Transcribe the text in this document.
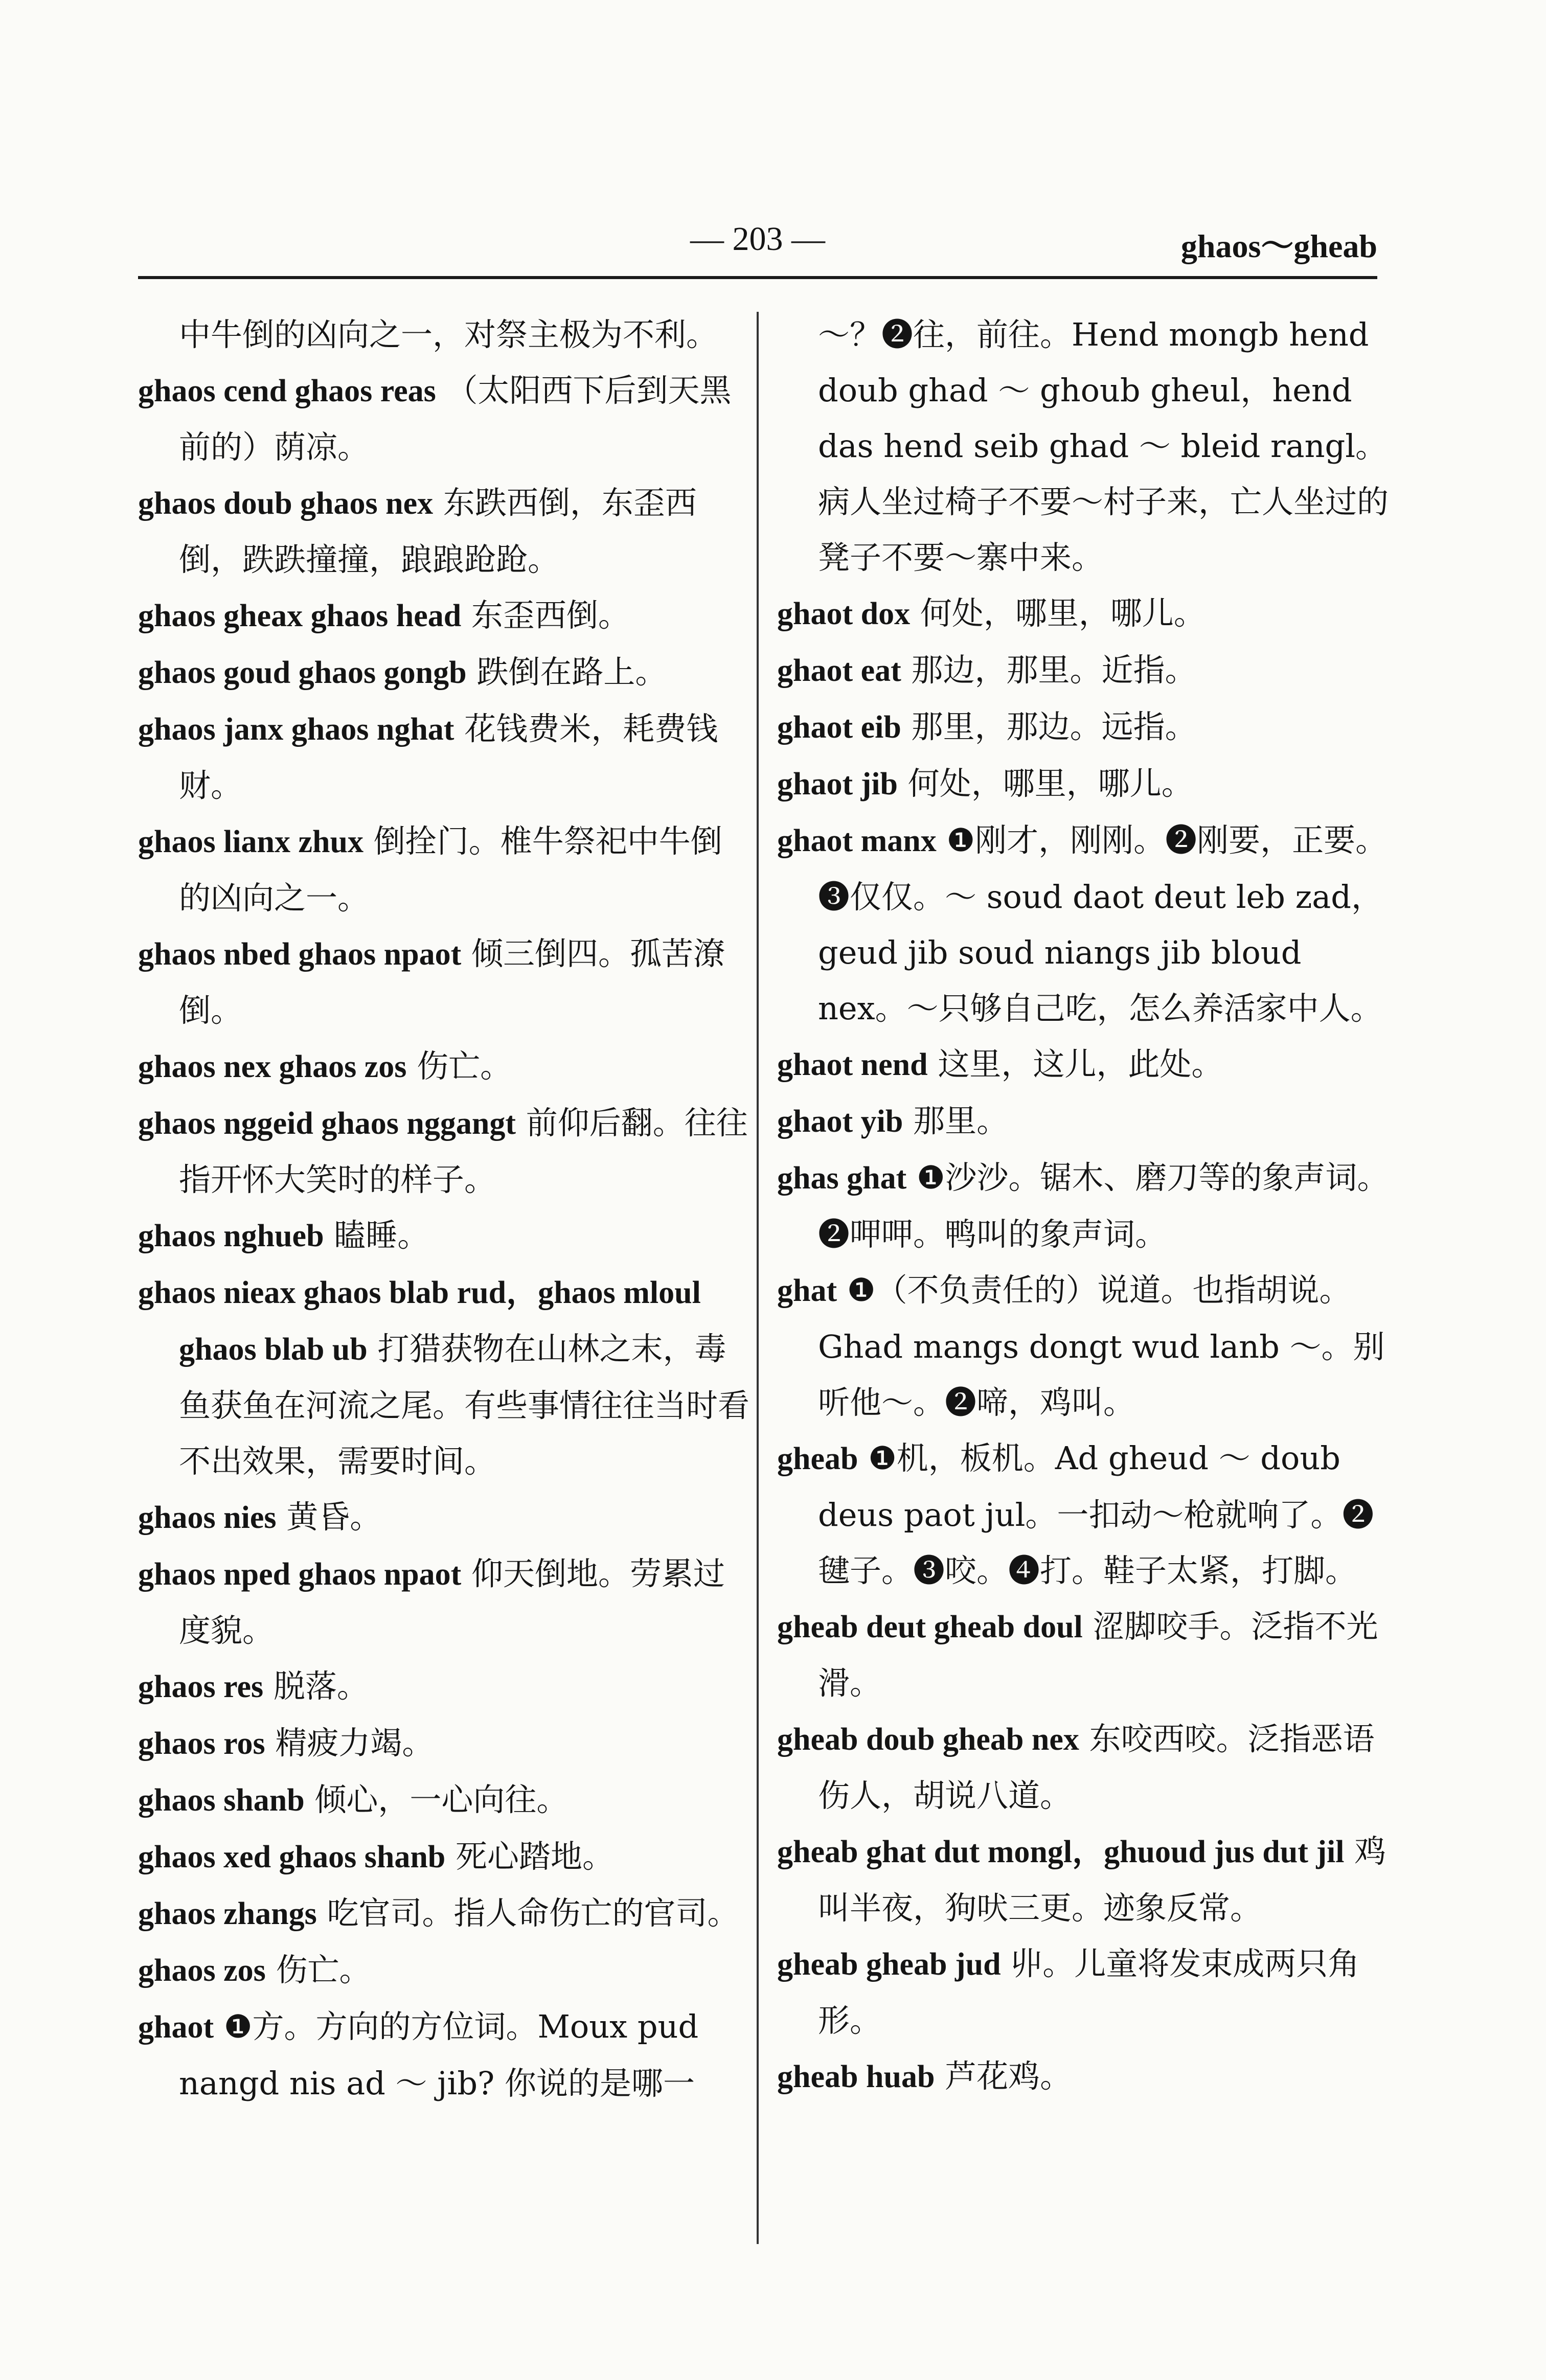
— 203 —	ghaos～gheab

中牛倒的凶向之一，对祭主极为不利。

ghaos cend ghaos reas （太阳西下后到天黑前的）荫凉。

ghaos doub ghaos nex 东跌西倒，东歪西倒，跌跌撞撞，踉踉跄跄。

ghaos gheax ghaos head 东歪西倒。

ghaos goud ghaos gongb 跌倒在路上。

ghaos janx ghaos nghat 花钱费米，耗费钱财。

ghaos lianx zhux 倒拴门。椎牛祭祀中牛倒的凶向之一。

ghaos nbed ghaos npaot 倾三倒四。孤苦潦倒。

ghaos nex ghaos zos 伤亡。

ghaos nggeid ghaos nggangt 前仰后翻。往往指开怀大笑时的样子。

ghaos nghueb 瞌睡。

ghaos nieax ghaos blab rud，ghaos mloul ghaos blab ub 打猎获物在山林之末，毒鱼获鱼在河流之尾。有些事情往往当时看不出效果，需要时间。

ghaos nies 黄昏。

ghaos nped ghaos npaot 仰天倒地。劳累过度貌。

ghaos res 脱落。

ghaos ros 精疲力竭。

ghaos shanb 倾心，一心向往。

ghaos xed ghaos shanb 死心踏地。

ghaos zhangs 吃官司。指人命伤亡的官司。

ghaos zos 伤亡。

ghaot ❶方。方向的方位词。Moux pud nangd nis ad ～ jib? 你说的是哪一

～？❷往，前往。Hend mongb hend doub ghad ～ ghoub gheul，hend das hend seib ghad ～ bleid rangl。病人坐过椅子不要～村子来，亡人坐过的凳子不要～寨中来。

ghaot dox 何处，哪里，哪儿。

ghaot eat 那边，那里。近指。

ghaot eib 那里，那边。远指。

ghaot jib 何处，哪里，哪儿。

ghaot manx ❶刚才，刚刚。❷刚要，正要。❸仅仅。～ soud daot deut leb zad，geud jib soud niangs jib bloud nex。～只够自己吃，怎么养活家中人。

ghaot nend 这里，这儿，此处。

ghaot yib 那里。

ghas ghat ❶沙沙。锯木、磨刀等的象声词。❷呷呷。鸭叫的象声词。

ghat ❶（不负责任的）说道。也指胡说。Ghad mangs dongt wud lanb ～。别听他～。❷啼，鸡叫。

gheab ❶机，板机。Ad gheud ～ doub deus paot jul。一扣动～枪就响了。❷毽子。❸咬。❹打。鞋子太紧，打脚。

gheab deut gheab doul 涩脚咬手。泛指不光滑。

gheab doub gheab nex 东咬西咬。泛指恶语伤人，胡说八道。

gheab ghat dut mongl，ghuoud jus dut jil 鸡叫半夜，狗吠三更。迹象反常。

gheab gheab jud 丱。儿童将发束成两只角形。

gheab huab 芦花鸡。
